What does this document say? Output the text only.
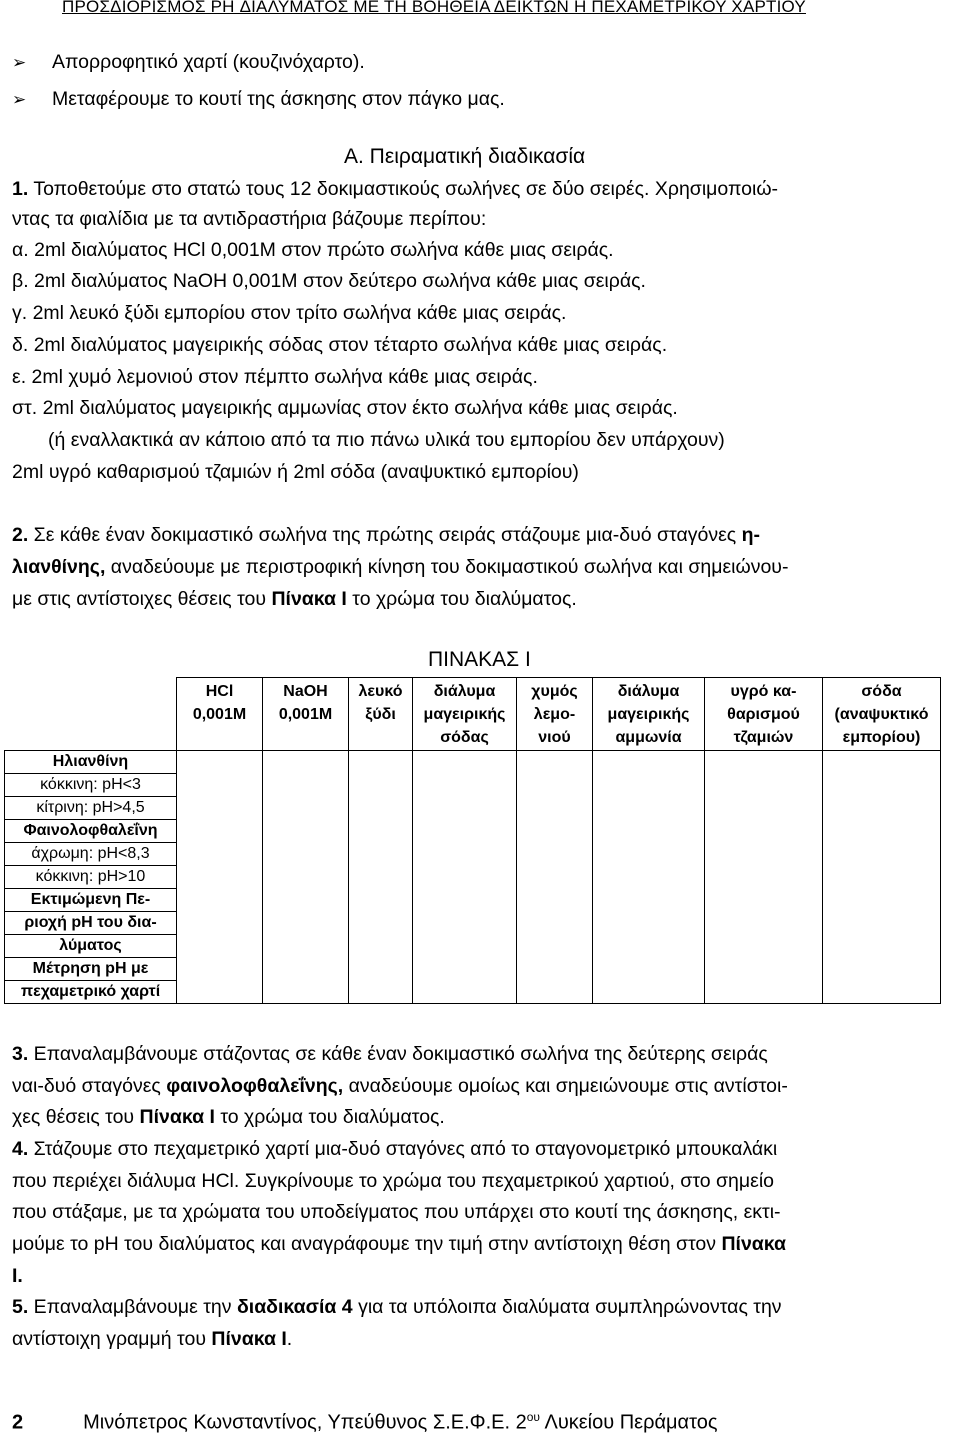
ΠΡΟΣΔΙΟΡΙΣΜΟΣ PH ΔΙΑΛΥΜΑΤΟΣ ΜΕ ΤΗ ΒΟΗΘΕΙΑ ΔΕΙΚΤΩΝ Η ΠΕΧΑΜΕΤΡΙΚΟΥ ΧΑΡΤΙΟΥ
➢ Απορροφητικό χαρτί (κουζινόχαρτο).
➢ Μεταφέρουμε το κουτί της άσκησης στον πάγκο μας.
Α. Πειραματική διαδικασία
1. Τοποθετούμε στο στατώ τους 12 δοκιμαστικούς σωλήνες σε δύο σειρές. Χρησιμοποιώ-
ντας τα φιαλίδια με τα αντιδραστήρια βάζουμε περίπου:
α. 2ml διαλύματος HCl 0,001M στον πρώτο σωλήνα κάθε μιας σειράς.
β. 2ml διαλύματος NaOH 0,001M στον δεύτερο σωλήνα κάθε μιας σειράς.
γ. 2ml λευκό ξύδι εμπορίου στον τρίτο σωλήνα κάθε μιας σειράς.
δ. 2ml διαλύματος μαγειρικής σόδας στον τέταρτο σωλήνα κάθε μιας σειράς.
ε. 2ml χυμό λεμονιού στον πέμπτο σωλήνα κάθε μιας σειράς.
στ. 2ml διαλύματος μαγειρικής αμμωνίας στον έκτο σωλήνα κάθε μιας σειράς.
(ή εναλλακτικά αν κάποιο από τα πιο πάνω υλικά του εμπορίου δεν υπάρχουν)
2ml υγρό καθαρισμού τζαμιών ή 2ml σόδα (αναψυκτικό εμπορίου)
2. Σε κάθε έναν δοκιμαστικό σωλήνα της πρώτης σειράς στάζουμε μια-δυό σταγόνες η-
λιανθίνης, αναδεύουμε με περιστροφική κίνηση του δοκιμαστικού σωλήνα και σημειώνου-
με στις αντίστοιχες θέσεις του Πίνακα Ι το χρώμα του διαλύματος.
ΠΙΝΑΚΑΣ Ι
	HCl
0,001M	NaOH
0,001M	λευκό
ξύδι	διάλυμα
μαγειρικής
σόδας	χυμός
λεμο-
νιού	διάλυμα
μαγειρικής
αμμωνία	υγρό κα-
θαρισμού
τζαμιών	σόδα
(αναψυκτικό
εμπορίου)
Ηλιανθίνη								
κόκκινη: pH<3								
κίτρινη: pH>4,5								
Φαινολοφθαλεΐνη								
άχρωμη: pH<8,3								
κόκκινη: pH>10								
Εκτιμώμενη Πε-								
ριοχή pH του δια-								
λύματος								
Μέτρηση pH με								
πεχαμετρικό χαρτί								
3. Επαναλαμβάνουμε στάζοντας σε κάθε έναν δοκιμαστικό σωλήνα της δεύτερης σειράς
ναι-δυό σταγόνες φαινολοφθαλεΐνης, αναδεύουμε ομοίως και σημειώνουμε στις αντίστοι-
χες θέσεις του Πίνακα Ι το χρώμα του διαλύματος.
4. Στάζουμε στο πεχαμετρικό χαρτί μια-δυό σταγόνες από το σταγονομετρικό μπουκαλάκι
που περιέχει διάλυμα HCl. Συγκρίνουμε το χρώμα του πεχαμετρικού χαρτιού, στο σημείο
που στάξαμε, με τα χρώματα του υποδείγματος που υπάρχει στο κουτί της άσκησης, εκτι-
μούμε το pH του διαλύματος και αναγράφουμε την τιμή στην αντίστοιχη θέση στον Πίνακα
Ι.
5. Επαναλαμβάνουμε την διαδικασία 4 για τα υπόλοιπα διαλύματα συμπληρώνοντας την
αντίστοιχη γραμμή του Πίνακα Ι.
2	Μινόπετρος Κωνσταντίνος, Υπεύθυνος Σ.Ε.Φ.Ε. $2^{o\upsilon}$ Λυκείου Περάματος
